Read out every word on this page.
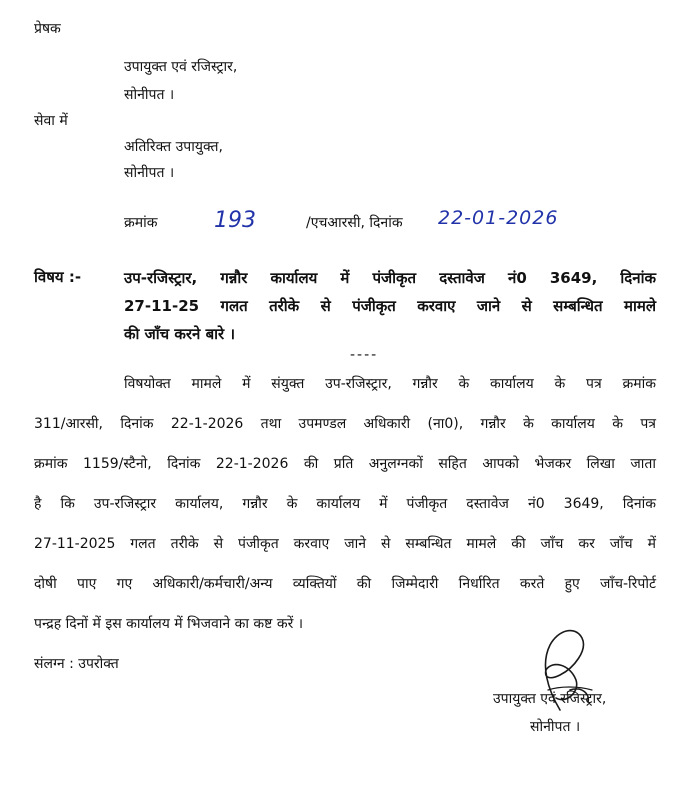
प्रेषक

उपायुक्त एवं रजिस्ट्रार,

सोनीपत ।

सेवा में

अतिरिक्त उपायुक्त,

सोनीपत ।

क्रमांक	193	/एचआरसी, दिनांक 22-01-2026

विषय :-	उप-रजिस्ट्रार, गन्नौर कार्यालय में पंजीकृत दस्तावेज नं0 3649, दिनांक
27-11-25 गलत तरीके से पंजीकृत करवाए जाने से सम्बन्धित मामले
की जाँच करने बारे ।

----

विषयोक्त मामले में संयुक्त उप-रजिस्ट्रार, गन्नौर के कार्यालय के पत्र क्रमांक
311/आरसी, दिनांक 22-1-2026 तथा उपमण्डल अधिकारी (ना0), गन्नौर के कार्यालय के पत्र
क्रमांक 1159/स्टैनो, दिनांक 22-1-2026 की प्रति अनुलग्नकों सहित आपको भेजकर लिखा जाता
है कि उप-रजिस्ट्रार कार्यालय, गन्नौर के कार्यालय में पंजीकृत दस्तावेज नं0 3649, दिनांक
27-11-2025 गलत तरीके से पंजीकृत करवाए जाने से सम्बन्धित मामले की जाँच कर जाँच में
दोषी पाए गए अधिकारी/कर्मचारी/अन्य व्यक्तियों की जिम्मेदारी निर्धारित करते हुए जाँच-रिपोर्ट
पन्द्रह दिनों में इस कार्यालय में भिजवाने का कष्ट करें ।

संलग्न : उपरोक्त

उपायुक्त एवं रजिस्ट्रार,

सोनीपत ।
